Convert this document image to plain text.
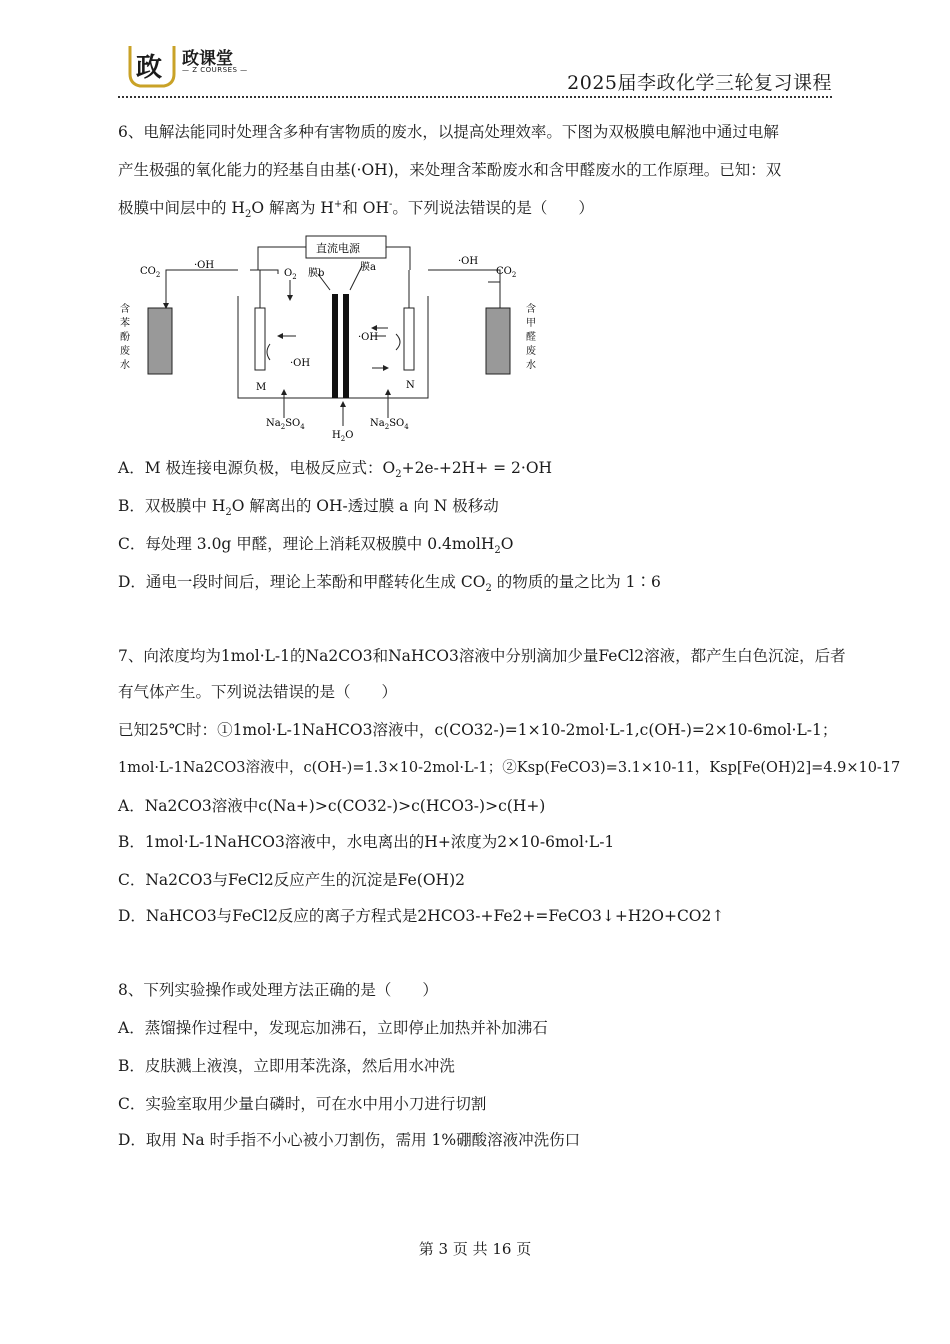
政 政课堂
— Z COURSES —
2025届李政化学三轮复习课程
6、电解法能同时处理含多种有害物质的废水，以提高处理效率。下图为双极膜电解池中通过电解
产生极强的氧化能力的羟基自由基(·OH)，来处理含苯酚废水和含甲醛废水的工作原理。已知：双
极膜中间层中的 $H_2O$ 解离为 H+和 OH-。下列说法错误的是（　　）
直流电源
$CO_2$
·OH	·OH
$CO_2$
$O_2$ 膜b
膜a
·OH
·OH
M	N
$Na_2SO_4$	$Na_2SO_4$
$H_2O$
含
苯
酚
废
水
含
甲
醛
废
水
A．M 极连接电源负极，电极反应式：$O_2+2e-+2H+ = 2\cdot OH$
B．双极膜中 $H_2O$ 解离出的 OH-透过膜 a 向 N 极移动
C．每处理 3.0g 甲醛，理论上消耗双极膜中 0.4molH$_2$O
D．通电一段时间后，理论上苯酚和甲醛转化生成 $CO_2$ 的物质的量之比为 1∶6
7、向浓度均为1mol·L-1的Na2CO3和NaHCO3溶液中分别滴加少量FeCl2溶液，都产生白色沉淀，后者
有气体产生。下列说法错误的是（　　）
已知25℃时：①1mol·L-1NaHCO3溶液中，c(CO32-)=1×10-2mol·L-1,c(OH-)=2×10-6mol·L-1；
1mol·L-1Na2CO3溶液中，c(OH-)=1.3×10-2mol·L-1；②Ksp(FeCO3)=3.1×10-11，Ksp[Fe(OH)2]=4.9×10-17
A．Na2CO3溶液中c(Na+)>c(CO32-)>c(HCO3-)>c(H+)
B．1mol·L-1NaHCO3溶液中，水电离出的H+浓度为2×10-6mol·L-1
C．Na2CO3与FeCl2反应产生的沉淀是Fe(OH)2
D．NaHCO3与FeCl2反应的离子方程式是2HCO3-+Fe2+=FeCO3↓+H2O+CO2↑
8、下列实验操作或处理方法正确的是（　　）
A．蒸馏操作过程中，发现忘加沸石，立即停止加热并补加沸石
B．皮肤溅上液溴，立即用苯洗涤，然后用水冲洗
C．实验室取用少量白磷时，可在水中用小刀进行切割
D．取用 Na 时手指不小心被小刀割伤，需用 1%硼酸溶液冲洗伤口
第 3 页 共 16 页
